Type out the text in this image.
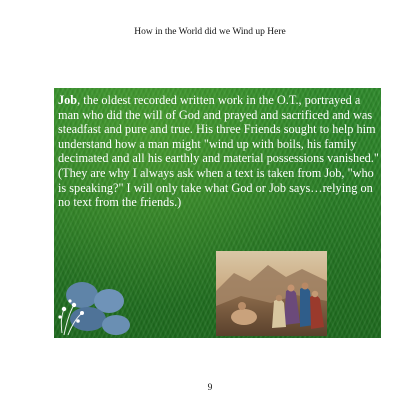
How in the World did we Wind up Here

Job, the oldest recorded written work in the O.T., portrayed a man who did the will of God and prayed and sacrificed and was steadfast and pure and true. His three Friends sought to help him understand how a man might "wind up with boils, his family decimated and all his earthly and material possessions vanished."

(They are why I always ask when a text is taken from Job, "who is speaking?" I will only take what God or Job says…relying on no text from the friends.)

9
